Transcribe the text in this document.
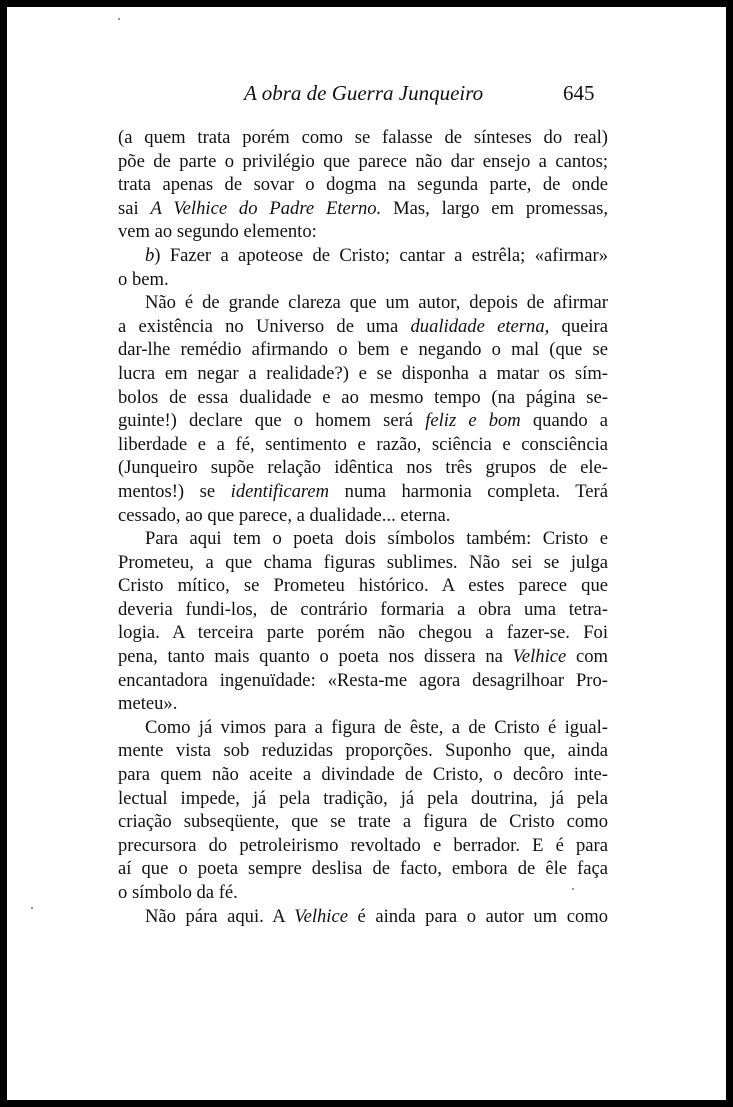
A obra de Guerra Junqueiro	645
(a quem trata porém como se falasse de sínteses do real)
põe de parte o privilégio que parece não dar ensejo a cantos;
trata apenas de sovar o dogma na segunda parte, de onde
sai A Velhice do Padre Eterno. Mas, largo em promessas,
vem ao segundo elemento:
b) Fazer a apoteose de Cristo; cantar a estrêla; «afirmar»
o bem.
Não é de grande clareza que um autor, depois de afirmar
a existência no Universo de uma dualidade eterna, queira
dar-lhe remédio afirmando o bem e negando o mal (que se
lucra em negar a realidade?) e se disponha a matar os sím-
bolos de essa dualidade e ao mesmo tempo (na página se-
guinte!) declare que o homem será feliz e bom quando a
liberdade e a fé, sentimento e razão, sciência e consciência
(Junqueiro supõe relação idêntica nos três grupos de ele-
mentos!) se identificarem numa harmonia completa. Terá
cessado, ao que parece, a dualidade... eterna.
Para aqui tem o poeta dois símbolos também: Cristo e
Prometeu, a que chama figuras sublimes. Não sei se julga
Cristo mítico, se Prometeu histórico. A estes parece que
deveria fundi-los, de contrário formaria a obra uma tetra-
logia. A terceira parte porém não chegou a fazer-se. Foi
pena, tanto mais quanto o poeta nos dissera na Velhice com
encantadora ingenuïdade: «Resta-me agora desagrilhoar Pro-
meteu».
Como já vimos para a figura de êste, a de Cristo é igual-
mente vista sob reduzidas proporções. Suponho que, ainda
para quem não aceite a divindade de Cristo, o decôro inte-
lectual impede, já pela tradição, já pela doutrina, já pela
criação subseqüente, que se trate a figura de Cristo como
precursora do petroleirismo revoltado e berrador. E é para
aí que o poeta sempre deslisa de facto, embora de êle faça
o símbolo da fé.
Não pára aqui. A Velhice é ainda para o autor um como
